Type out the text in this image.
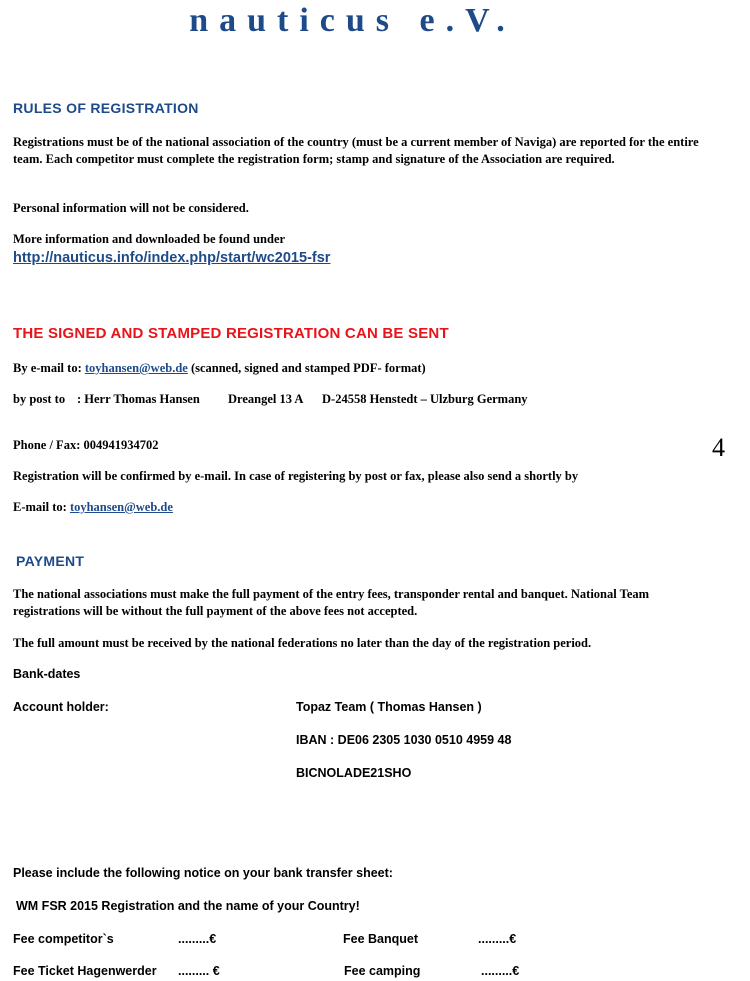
nauticus e.V.
RULES OF REGISTRATION
Registrations must be of the national association of the country (must be a current member of Naviga) are reported for the entire team. Each competitor must complete the registration form; stamp and signature of the Association are required.
Personal information will not be considered.
More information and downloaded be found under
http://nauticus.info/index.php/start/wc2015-fsr
THE SIGNED AND STAMPED REGISTRATION CAN BE SENT
By e-mail to: toyhansen@web.de (scanned, signed and stamped PDF- format)
by post to : Herr Thomas Hansen Dreangel 13 A D-24558 Henstedt – Ulzburg Germany
Phone / Fax: 004941934702	4
Registration will be confirmed by e-mail. In case of registering by post or fax, please also send a shortly by
E-mail to: toyhansen@web.de
PAYMENT
The national associations must make the full payment of the entry fees, transponder rental and banquet. National Team registrations will be without the full payment of the above fees not accepted.
The full amount must be received by the national federations no later than the day of the registration period.
Bank-dates
Account holder:	Topaz Team ( Thomas Hansen )
IBAN : DE06 2305 1030 0510 4959 48
BICNOLADE21SHO
Please include the following notice on your bank transfer sheet:
WM FSR 2015 Registration and the name of your Country!
Fee competitor`s	.........€	Fee Banquet	.........€
Fee Ticket Hagenwerder ......... €	Fee camping	.........€
